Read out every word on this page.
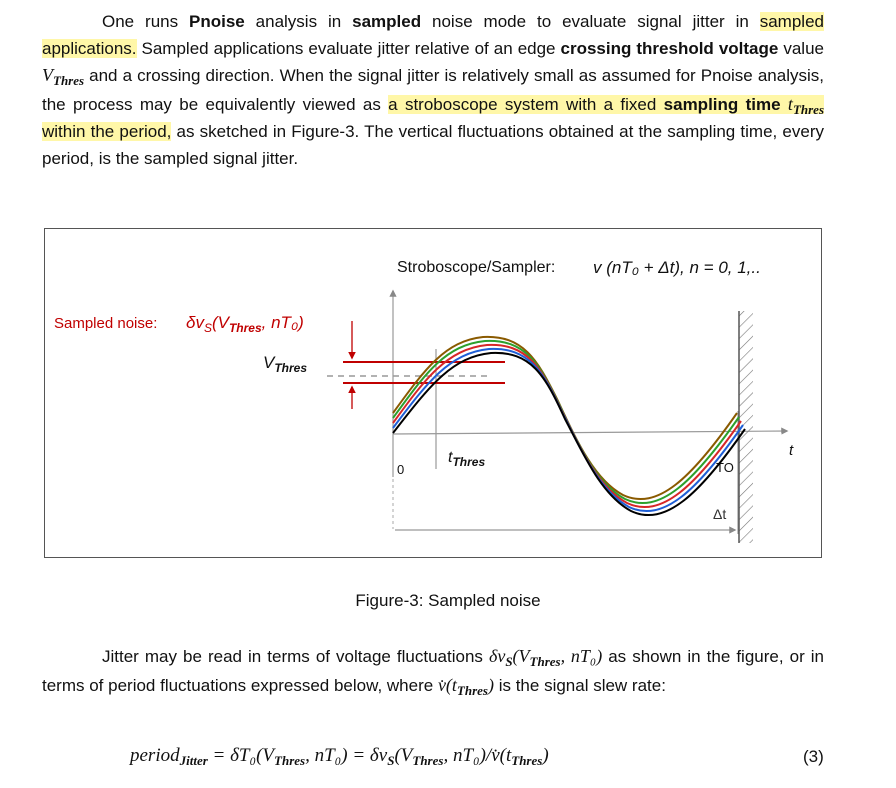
One runs Pnoise analysis in sampled noise mode to evaluate signal jitter in sampled applications. Sampled applications evaluate jitter relative of an edge crossing threshold voltage value $V_{Thres}$ and a crossing direction. When the signal jitter is relatively small as assumed for Pnoise analysis, the process may be equivalently viewed as a stroboscope system with a fixed sampling time $t_{Thres}$ within the period, as sketched in Figure-3. The vertical fluctuations obtained at the sampling time, every period, is the sampled signal jitter.
Stroboscope/Sampler: v (nT₀ + Δt), n = 0, 1,..
Sampled noise: $\delta v_S(V_{Thres}$, nT₀)
$V_{Thres}$
t
$t_{Thres}$
0	TO
Δt
Figure-3: Sampled noise
Jitter may be read in terms of voltage fluctuations $\delta v_S(V_{Thres}$, nT₀) as shown in the figure, or in terms of period fluctuations expressed below, where $v̇(t_{Thres})$ is the signal slew rate:
period$_{Jitter}$ = $\delta T_0(V_{Thres}$, $nT_0) = \delta v_S(V_{Thres}$, $nT_0)/v̇(t_{Thres})$	(3)
